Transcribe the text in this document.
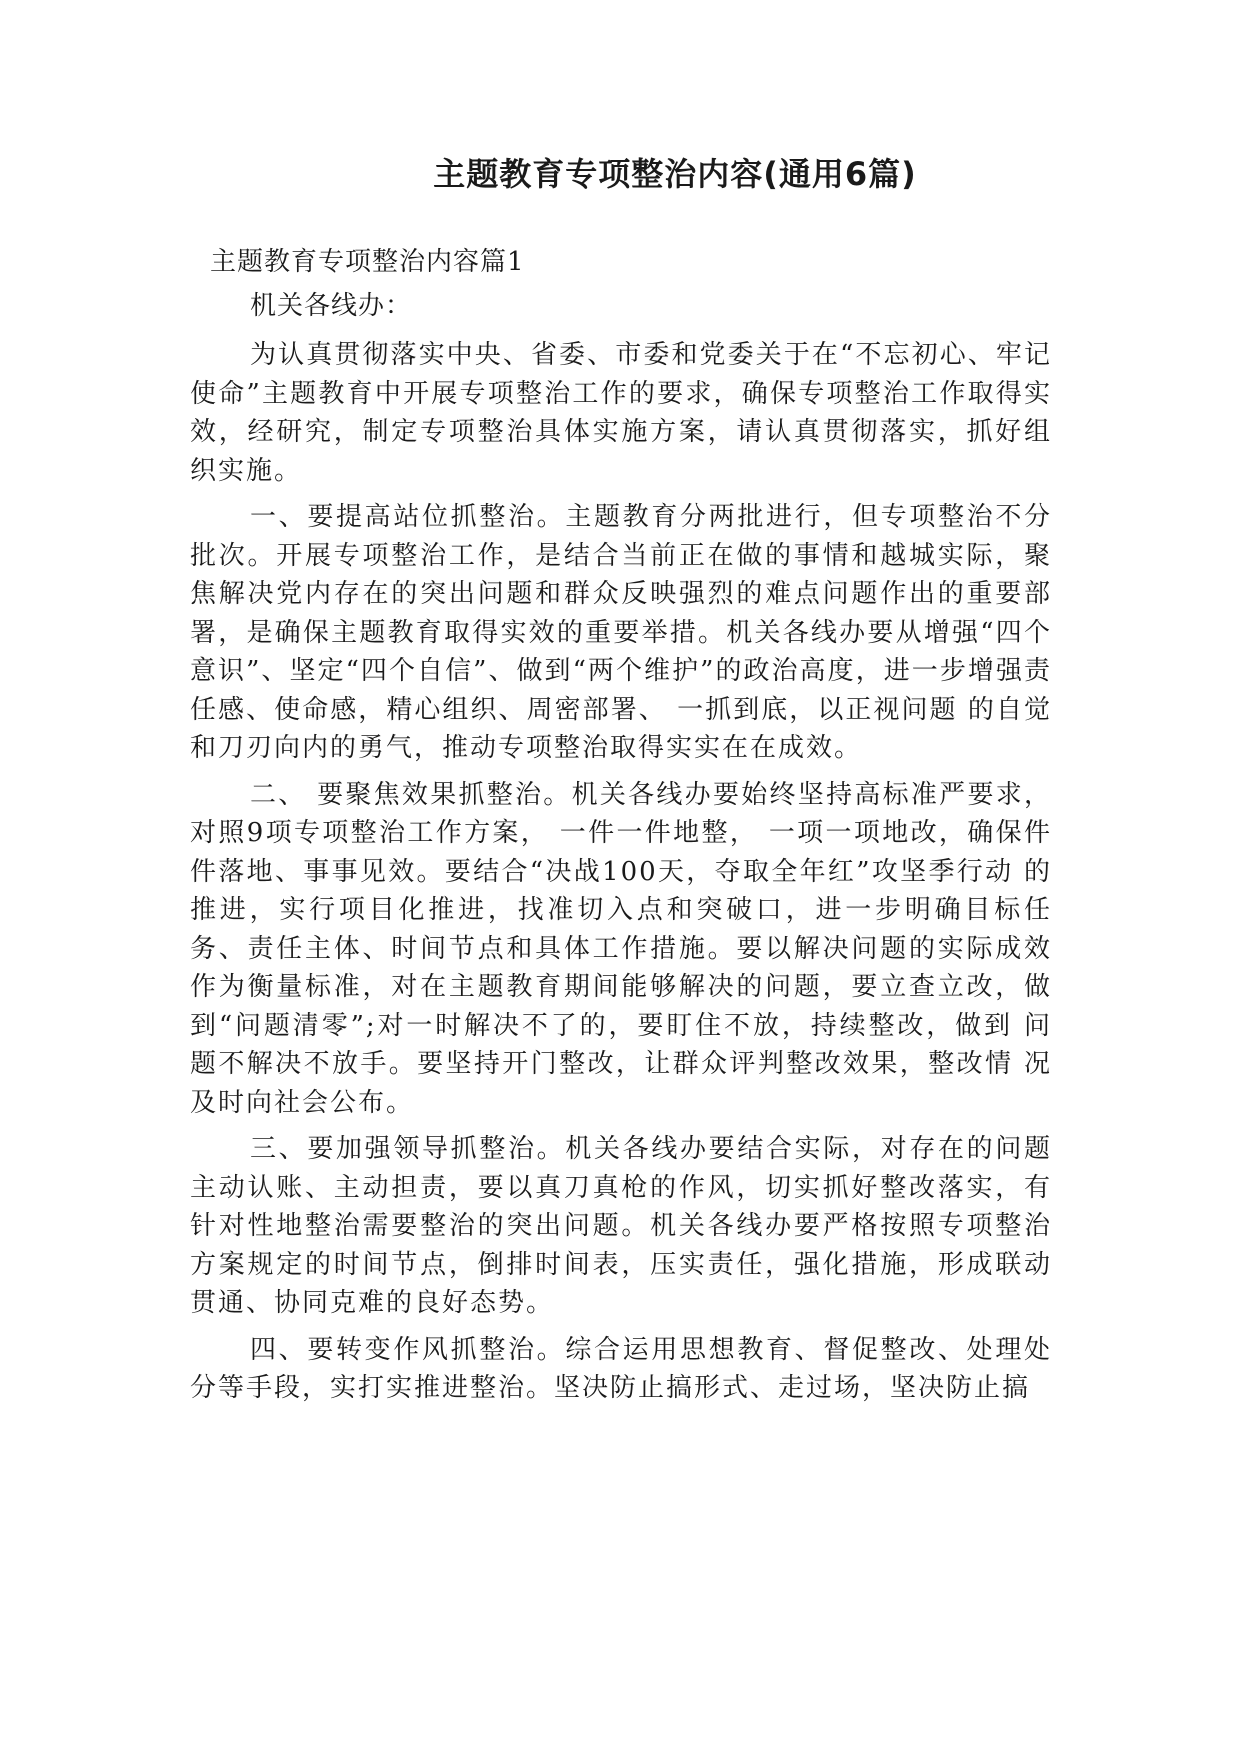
主题教育专项整治内容(通用6篇)

主题教育专项整治内容篇1

机关各线办：

为认真贯彻落实中央、省委、市委和党委关于在“不忘初心、牢记使命”主题教育中开展专项整治工作的要求，确保专项整治工作取得实效，经研究，制定专项整治具体实施方案，请认真贯彻落实，抓好组织实施。

一、要提高站位抓整治。主题教育分两批进行，但专项整治不分批次。开展专项整治工作，是结合当前正在做的事情和越城实际，聚焦解决党内存在的突出问题和群众反映强烈的难点问题作出的重要部署，是确保主题教育取得实效的重要举措。机关各线办要从增强“四个意识”、坚定“四个自信”、做到“两个维护”的政治高度，进一步增强责任感、使命感，精心组织、周密部署、 一抓到底，以正视问题 的自觉和刀刃向内的勇气，推动专项整治取得实实在在成效。

二、 要聚焦效果抓整治。机关各线办要始终坚持高标准严要求， 对照9项专项整治工作方案， 一件一件地整， 一项一项地改，确保件 件落地、事事见效。要结合“决战100天，夺取全年红”攻坚季行动 的推进，实行项目化推进，找准切入点和突破口，进一步明确目标任 务、责任主体、时间节点和具体工作措施。要以解决问题的实际成效 作为衡量标准，对在主题教育期间能够解决的问题，要立查立改，做 到“问题清零”;对一时解决不了的，要盯住不放，持续整改，做到 问题不解决不放手。要坚持开门整改，让群众评判整改效果，整改情 况及时向社会公布。

三、要加强领导抓整治。机关各线办要结合实际，对存在的问题主动认账、主动担责，要以真刀真枪的作风，切实抓好整改落实，有针对性地整治需要整治的突出问题。机关各线办要严格按照专项整治方案规定的时间节点，倒排时间表，压实责任，强化措施，形成联动贯通、协同克难的良好态势。

四、要转变作风抓整治。综合运用思想教育、督促整改、处理处分等手段，实打实推进整治。坚决防止搞形式、走过场，坚决防止搞
